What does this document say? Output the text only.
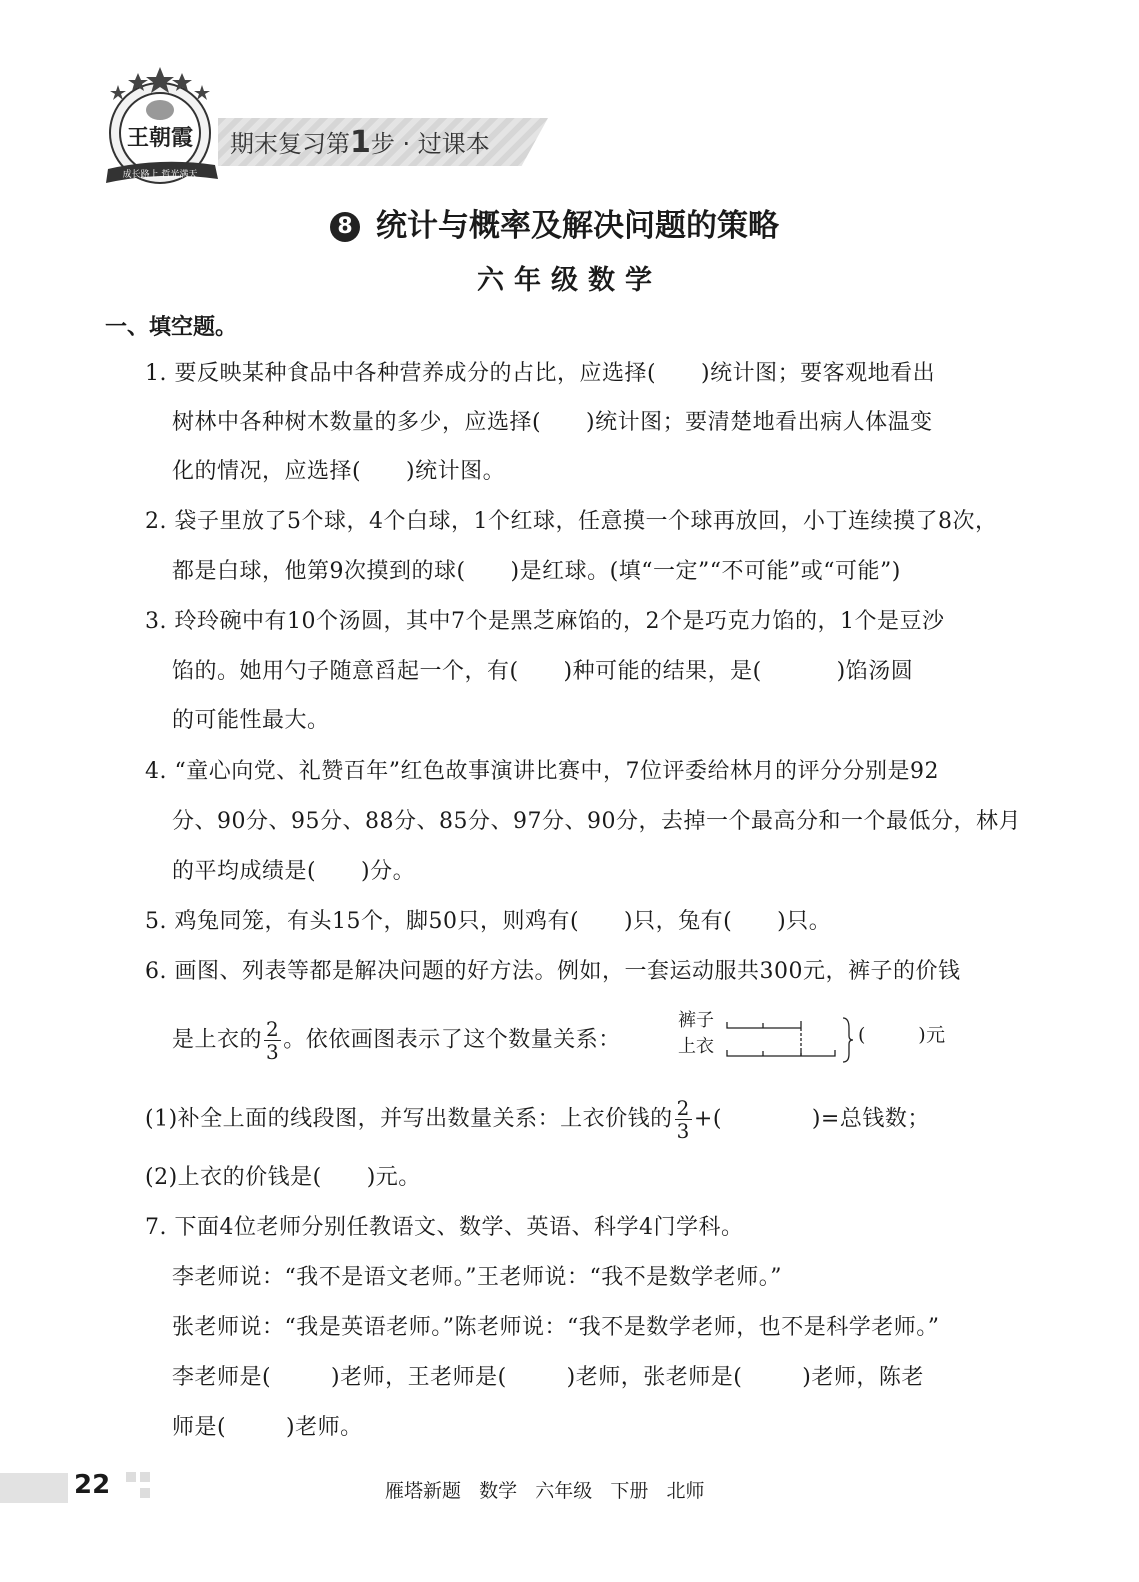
王朝霞
成长路上 哲光满天
期末复习第1步 · 过课本
8 统计与概率及解决问题的策略
六年级数学
一、填空题。
1. 要反映某种食品中各种营养成分的占比，应选择(      )统计图；要客观地看出
树林中各种树木数量的多少，应选择(      )统计图；要清楚地看出病人体温变
化的情况，应选择(      )统计图。
2. 袋子里放了5个球，4个白球，1个红球，任意摸一个球再放回，小丁连续摸了8次，
都是白球，他第9次摸到的球(      )是红球。(填“一定”“不可能”或“可能”)
3. 玲玲碗中有10个汤圆，其中7个是黑芝麻馅的，2个是巧克力馅的，1个是豆沙
馅的。她用勺子随意舀起一个，有(      )种可能的结果，是(          )馅汤圆
的可能性最大。
4. “童心向党、礼赞百年”红色故事演讲比赛中，7位评委给林月的评分分别是92
分、90分、95分、88分、85分、97分、90分，去掉一个最高分和一个最低分，林月
的平均成绩是(      )分。
5. 鸡兔同笼，有头15个，脚50只，则鸡有(      )只，兔有(      )只。
6. 画图、列表等都是解决问题的好方法。例如，一套运动服共300元，裤子的价钱
是上衣的 $\frac{2}{3}$ 。依依画图表示了这个数量关系：
裤子
上衣
(        )元
(1)补全上面的线段图，并写出数量关系：上衣价钱的 $\frac{2}{3}$ +(            )=总钱数；
(2)上衣的价钱是(      )元。
7. 下面4位老师分别任教语文、数学、英语、科学4门学科。
李老师说：“我不是语文老师。”王老师说：“我不是数学老师。”
张老师说：“我是英语老师。”陈老师说：“我不是数学老师，也不是科学老师。”
李老师是(        )老师，王老师是(        )老师，张老师是(        )老师，陈老
师是(        )老师。
22	雁塔新题   数学   六年级   下册   北师
